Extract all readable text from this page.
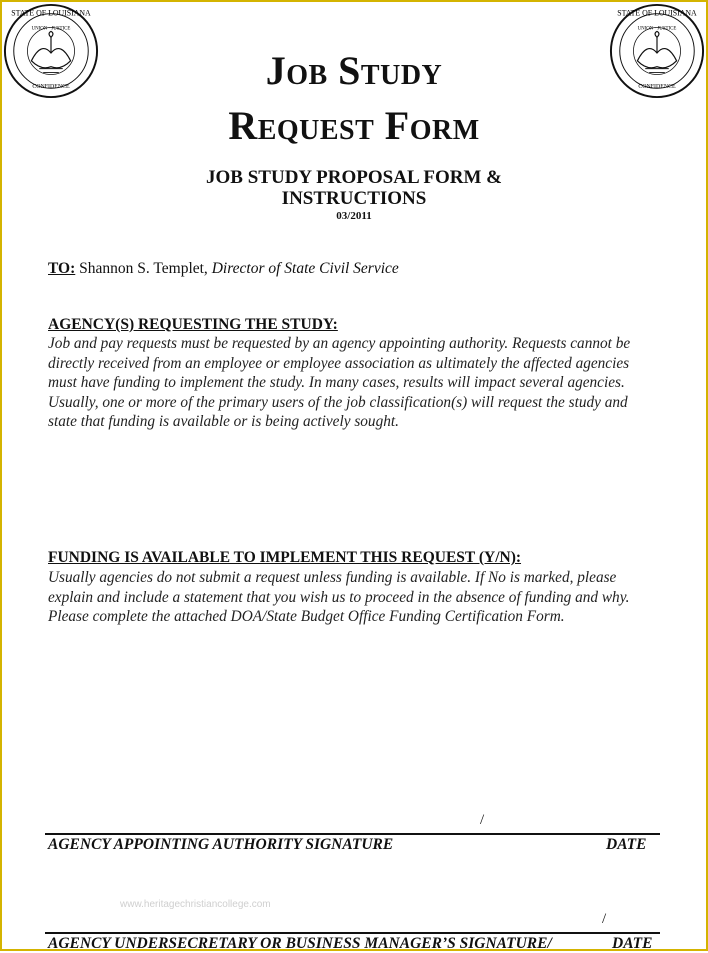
STATE OF LOUISIANA
UNION · JUSTICE
CONFIDENCE
STATE OF LOUISIANA
UNION · JUSTICE
CONFIDENCE
Job Study
Request Form
JOB STUDY PROPOSAL FORM &
INSTRUCTIONS
03/2011
TO: Shannon S. Templet, Director of State Civil Service
AGENCY(S) REQUESTING THE STUDY:
Job and pay requests must be requested by an agency appointing authority. Requests cannot be directly received from an employee or employee association as ultimately the affected agencies must have funding to implement the study. In many cases, results will impact several agencies. Usually, one or more of the primary users of the job classification(s) will request the study and state that funding is available or is being actively sought.
FUNDING IS AVAILABLE TO IMPLEMENT THIS REQUEST (Y/N):
Usually agencies do not submit a request unless funding is available. If No is marked, please explain and include a statement that you wish us to proceed in the absence of funding and why. Please complete the attached DOA/State Budget Office Funding Certification Form.
/
AGENCY APPOINTING AUTHORITY SIGNATURE	DATE
www.heritagechristiancollege.com
/
AGENCY UNDERSECRETARY OR BUSINESS MANAGER’S SIGNATURE/	DATE
